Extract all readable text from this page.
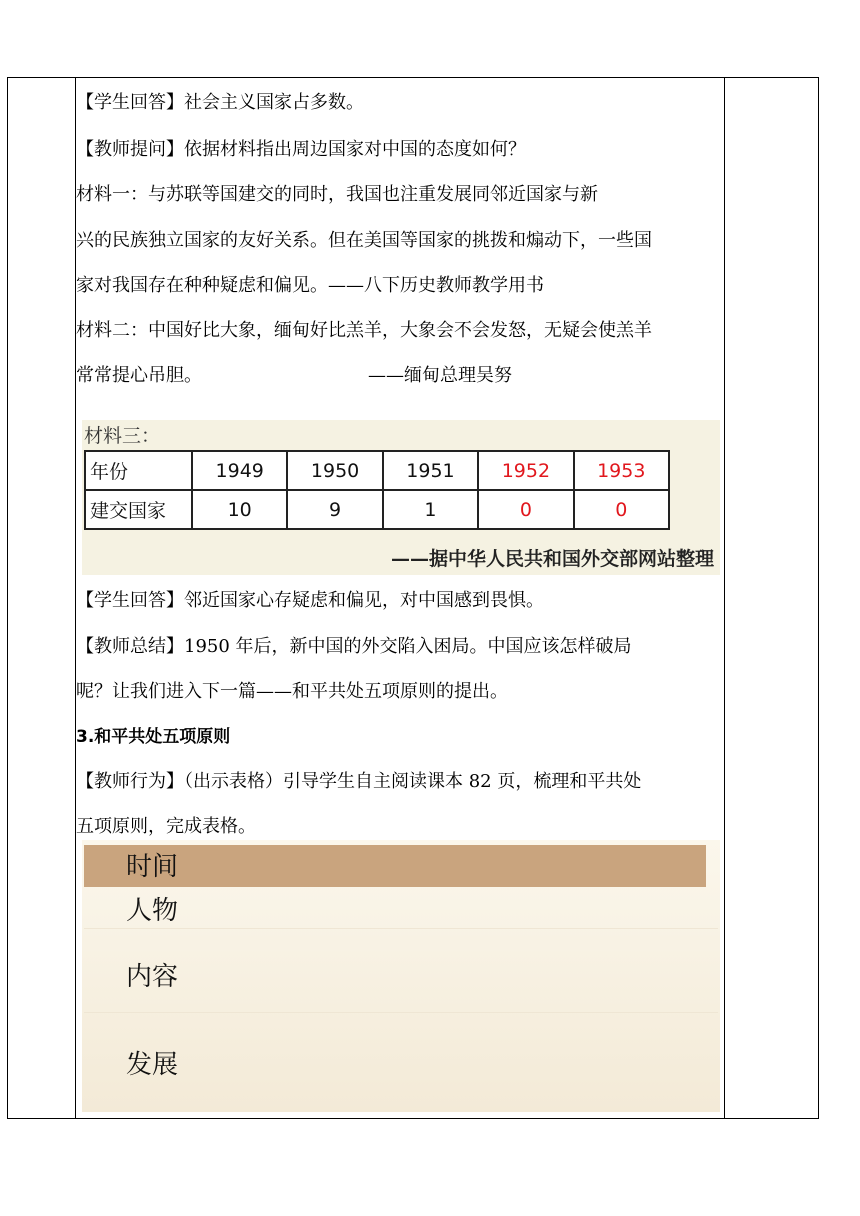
【学生回答】社会主义国家占多数。
【教师提问】依据材料指出周边国家对中国的态度如何？
材料一：与苏联等国建交的同时，我国也注重发展同邻近国家与新
兴的民族独立国家的友好关系。但在美国等国家的挑拨和煽动下，一些国
家对我国存在种种疑虑和偏见。——八下历史教师教学用书
材料二：中国好比大象，缅甸好比羔羊，大象会不会发怒，无疑会使羔羊
常常提心吊胆。	——缅甸总理吴努
材料三：
年份	1949	1950	1951	1952	1953
建交国家	10	9	1	0	0
——据中华人民共和国外交部网站整理
【学生回答】邻近国家心存疑虑和偏见，对中国感到畏惧。
【教师总结】1950 年后，新中国的外交陷入困局。中国应该怎样破局
呢？让我们进入下一篇——和平共处五项原则的提出。
3.和平共处五项原则
【教师行为】（出示表格）引导学生自主阅读课本 82 页，梳理和平共处
五项原则，完成表格。
时间
人物
内容
发展
